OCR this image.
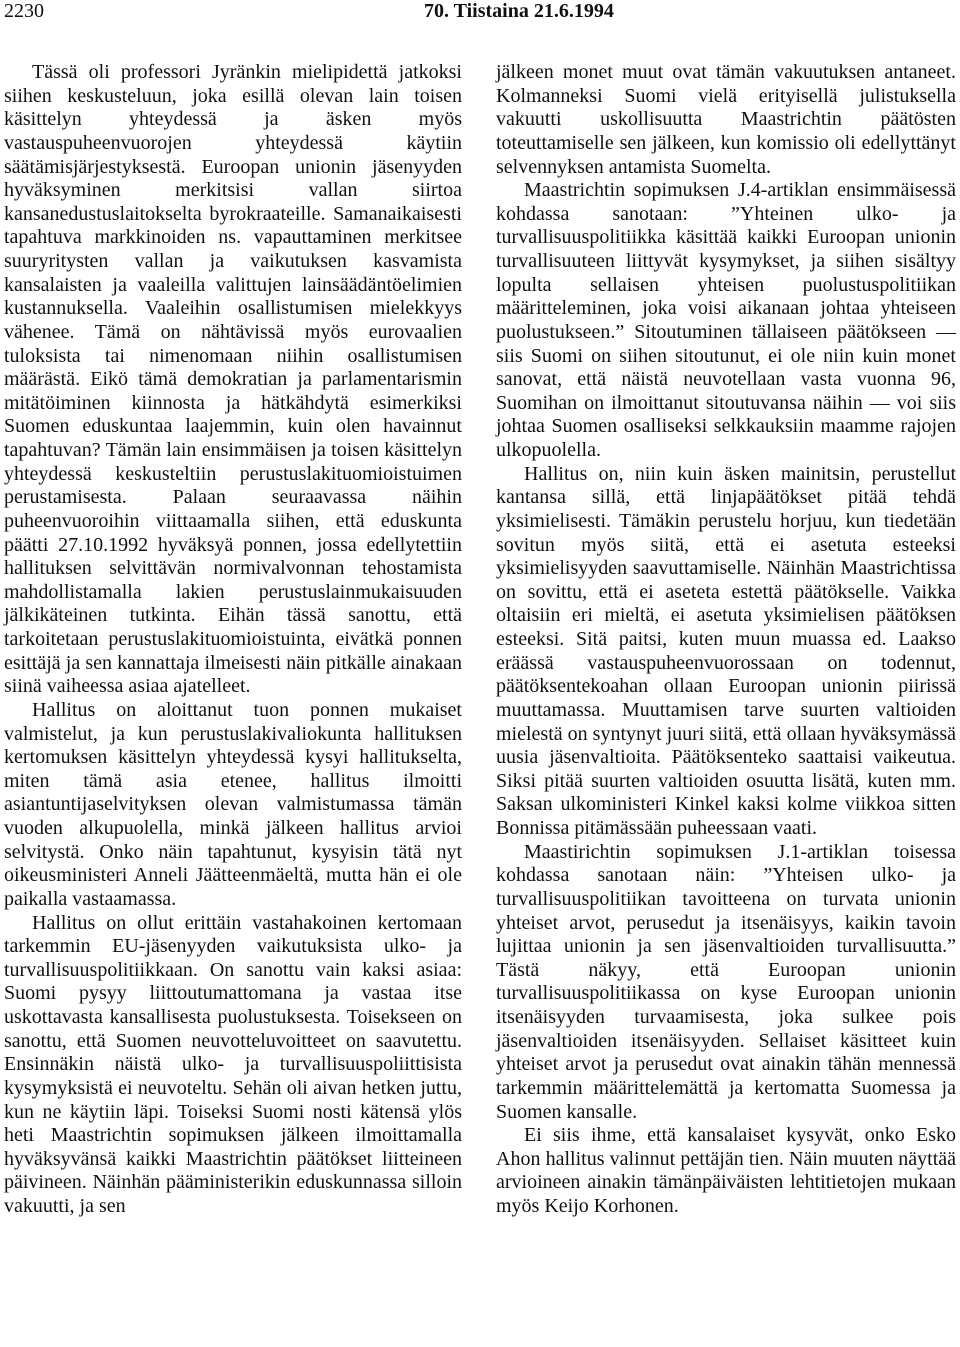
2230	70. Tiistaina 21.6.1994

Tässä oli professori Jyränkin mielipidettä jatkoksi siihen keskusteluun, joka esillä olevan lain toisen käsittelyn yhteydessä ja äsken myös vastauspuheenvuorojen yhteydessä käytiin säätämisjärjestyksestä. Euroopan unionin jäsenyyden hyväksyminen merkitsisi vallan siirtoa kansanedustuslaitokselta byrokraateille. Samanaikaisesti tapahtuva markkinoiden ns. vapauttaminen merkitsee suuryritysten vallan ja vaikutuksen kasvamista kansalaisten ja vaaleilla valittujen lainsäädäntöelimien kustannuksella. Vaaleihin osallistumisen mielekkyys vähenee. Tämä on nähtävissä myös eurovaalien tuloksista tai nimenomaan niihin osallistumisen määrästä. Eikö tämä demokratian ja parlamentarismin mitätöiminen kiinnosta ja hätkähdytä esimerkiksi Suomen eduskuntaa laajemmin, kuin olen havainnut tapahtuvan? Tämän lain ensimmäisen ja toisen käsittelyn yhteydessä keskusteltiin perustuslakituomioistuimen perustamisesta. Palaan seuraavassa näihin puheenvuoroihin viittaamalla siihen, että eduskunta päätti 27.10.1992 hyväksyä ponnen, jossa edellytettiin hallituksen selvittävän normivalvonnan tehostamista mahdollistamalla lakien perustuslainmukaisuuden jälkikäteinen tutkinta. Eihän tässä sanottu, että tarkoitetaan perustuslakituomioistuinta, eivätkä ponnen esittäjä ja sen kannattaja ilmeisesti näin pitkälle ainakaan siinä vaiheessa asiaa ajatelleet.

Hallitus on aloittanut tuon ponnen mukaiset valmistelut, ja kun perustuslakivaliokunta hallituksen kertomuksen käsittelyn yhteydessä kysyi hallitukselta, miten tämä asia etenee, hallitus ilmoitti asiantuntijaselvityksen olevan valmistumassa tämän vuoden alkupuolella, minkä jälkeen hallitus arvioi selvitystä. Onko näin tapahtunut, kysyisin tätä nyt oikeusministeri Anneli Jäätteenmäeltä, mutta hän ei ole paikalla vastaamassa.

Hallitus on ollut erittäin vastahakoinen kertomaan tarkemmin EU-jäsenyyden vaikutuksista ulko- ja turvallisuuspolitiikkaan. On sanottu vain kaksi asiaa: Suomi pysyy liittoutumattomana ja vastaa itse uskottavasta kansallisesta puolustuksesta. Toisekseen on sanottu, että Suomen neuvotteluvoitteet on saavutettu. Ensinnäkin näistä ulko- ja turvallisuuspoliittisista kysymyksistä ei neuvoteltu. Sehän oli aivan hetken juttu, kun ne käytiin läpi. Toiseksi Suomi nosti kätensä ylös heti Maastrichtin sopimuksen jälkeen ilmoittamalla hyväksyvänsä kaikki Maastrichtin päätökset liitteineen päivineen. Näinhän pääministerikin eduskunnassa silloin vakuutti, ja sen

jälkeen monet muut ovat tämän vakuutuksen antaneet. Kolmanneksi Suomi vielä erityisellä julistuksella vakuutti uskollisuutta Maastrichtin päätösten toteuttamiselle sen jälkeen, kun komissio oli edellyttänyt selvennyksen antamista Suomelta.

Maastrichtin sopimuksen J.4-artiklan ensimmäisessä kohdassa sanotaan: ”Yhteinen ulko- ja turvallisuuspolitiikka käsittää kaikki Euroopan unionin turvallisuuteen liittyvät kysymykset, ja siihen sisältyy lopulta sellaisen yhteisen puolustuspolitiikan määritteleminen, joka voisi aikanaan johtaa yhteiseen puolustukseen.” Sitoutuminen tällaiseen päätökseen — siis Suomi on siihen sitoutunut, ei ole niin kuin monet sanovat, että näistä neuvotellaan vasta vuonna 96, Suomihan on ilmoittanut sitoutuvansa näihin — voi siis johtaa Suomen osalliseksi selkkauksiin maamme rajojen ulkopuolella.

Hallitus on, niin kuin äsken mainitsin, perustellut kantansa sillä, että linjapäätökset pitää tehdä yksimielisesti. Tämäkin perustelu horjuu, kun tiedetään sovitun myös siitä, että ei asetuta esteeksi yksimielisyyden saavuttamiselle. Näinhän Maastrichtissa on sovittu, että ei aseteta estettä päätökselle. Vaikka oltaisiin eri mieltä, ei asetuta yksimielisen päätöksen esteeksi. Sitä paitsi, kuten muun muassa ed. Laakso eräässä vastauspuheenvuorossaan on todennut, päätöksentekoahan ollaan Euroopan unionin piirissä muuttamassa. Muuttamisen tarve suurten valtioiden mielestä on syntynyt juuri siitä, että ollaan hyväksymässä uusia jäsenvaltioita. Päätöksenteko saattaisi vaikeutua. Siksi pitää suurten valtioiden osuutta lisätä, kuten mm. Saksan ulkoministeri Kinkel kaksi kolme viikkoa sitten Bonnissa pitämässään puheessaan vaati.

Maastirichtin sopimuksen J.1-artiklan toisessa kohdassa sanotaan näin: ”Yhteisen ulko- ja turvallisuuspolitiikan tavoitteena on turvata unionin yhteiset arvot, perusedut ja itsenäisyys, kaikin tavoin lujittaa unionin ja sen jäsenvaltioiden turvallisuutta.” Tästä näkyy, että Euroopan unionin turvallisuuspolitiikassa on kyse Euroopan unionin itsenäisyyden turvaamisesta, joka sulkee pois jäsenvaltioiden itsenäisyyden. Sellaiset käsitteet kuin yhteiset arvot ja perusedut ovat ainakin tähän mennessä tarkemmin määrittelemättä ja kertomatta Suomessa ja Suomen kansalle.

Ei siis ihme, että kansalaiset kysyvät, onko Esko Ahon hallitus valinnut pettäjän tien. Näin muuten näyttää arvioineen ainakin tämänpäiväisten lehtitietojen mukaan myös Keijo Korhonen.
